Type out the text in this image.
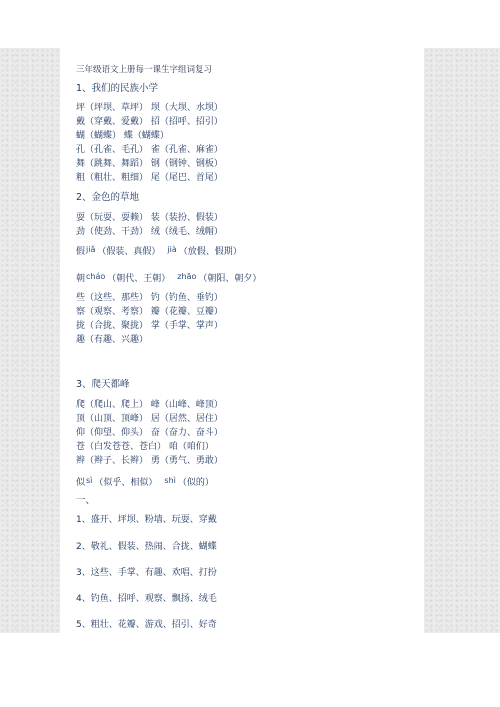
三年级语文上册每一课生字组词复习
1、我们的民族小学
坪（坪坝、草坪） 坝（大坝、水坝）
戴（穿戴、爱戴） 招（招呼、招引）
蝴（蝴蝶） 蝶（蝴蝶）
孔（孔雀、毛孔） 雀（孔雀、麻雀）
舞（跳舞、舞蹈） 钢（钢钟、钢板）
粗（粗壮、粗细） 尾（尾巴、首尾）
2、金色的草地
耍（玩耍、耍赖） 装（装扮、假装）
劲（使劲、干劲） 绒（绒毛、绒帽）
假jiǎ （假装、真假） jià （放假、假期）
朝cháo （朝代、王朝） zhāo （朝阳、朝夕）
些（这些、那些） 钓（钓鱼、垂钓）
察（观察、考察） 瓣（花瓣、豆瓣）
拢（合拢、聚拢） 掌（手掌、掌声）
趣（有趣、兴趣）
3、爬天都峰
爬（爬山、爬上） 峰（山峰、峰顶）
顶（山顶、顶峰） 居（居然、居住）
仰（仰望、仰头） 奋（奋力、奋斗）
苍（白发苍苍、苍白） 咱（咱们）
辫（辫子、长辫） 勇（勇气、勇敢）
似sì （似乎、相似） shì （似的）
一、
1、盛开、坪坝、粉墙、玩耍、穿戴
2、敬礼、假装、热闹、合拢、蝴蝶
3、这些、手掌、有趣、欢唱、打扮
4、钓鱼、招呼、观察、飘扬、绒毛
5、粗壮、花瓣、游戏、招引、好奇
